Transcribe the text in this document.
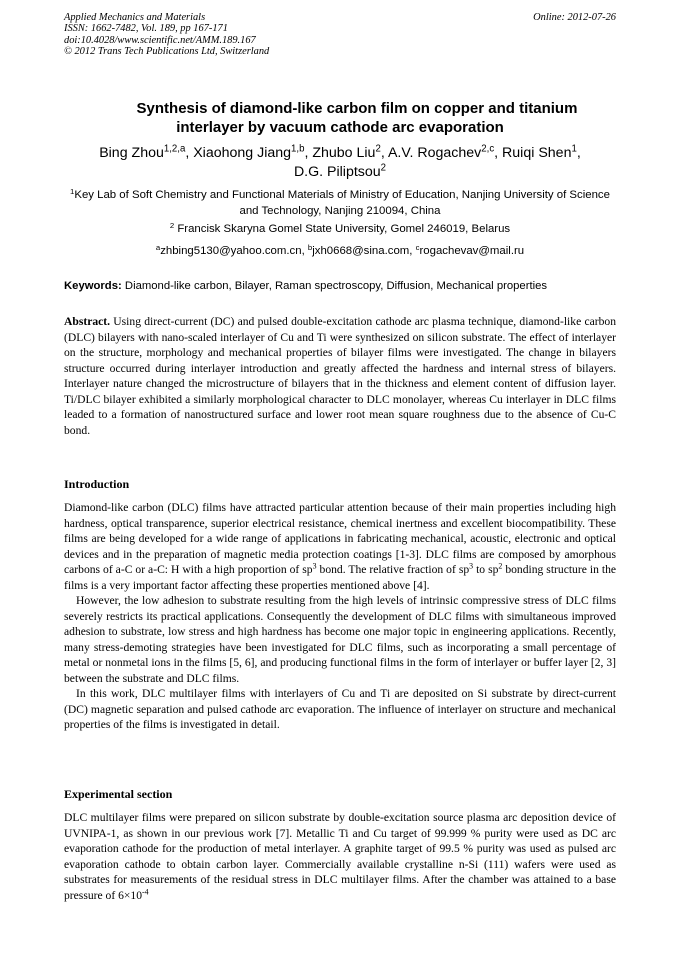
Applied Mechanics and Materials
ISSN: 1662-7482, Vol. 189, pp 167-171
doi:10.4028/www.scientific.net/AMM.189.167
© 2012 Trans Tech Publications Ltd, Switzerland
Online: 2012-07-26
Synthesis of diamond-like carbon film on copper and titanium
interlayer by vacuum cathode arc evaporation
Bing Zhou$^{1,2,a}$, Xiaohong Jiang$^{1,b}$, Zhubo Liu$^2$, A.V. Rogachev$^{2,c}$, Ruiqi Shen$^1$,
D.G. Piliptsou$^2$
$^1$Key Lab of Soft Chemistry and Functional Materials of Ministry of Education, Nanjing University of Science and Technology, Nanjing 210094, China
$^2$ Francisk Skaryna Gomel State University, Gomel 246019, Belarus
$^a$zhbing5130@yahoo.com.cn, $^b$jxh0668@sina.com, $^c$rogachevav@mail.ru
Keywords: Diamond-like carbon, Bilayer, Raman spectroscopy, Diffusion, Mechanical properties
Abstract. Using direct-current (DC) and pulsed double-excitation cathode arc plasma technique, diamond-like carbon (DLC) bilayers with nano-scaled interlayer of Cu and Ti were synthesized on silicon substrate. The effect of interlayer on the structure, morphology and mechanical properties of bilayer films were investigated. The change in bilayers structure occurred during interlayer introduction and greatly affected the hardness and internal stress of bilayers. Interlayer nature changed the microstructure of bilayers that in the thickness and element content of diffusion layer. Ti/DLC bilayer exhibited a similarly morphological character to DLC monolayer, whereas Cu interlayer in DLC films leaded to a formation of nanostructured surface and lower root mean square roughness due to the absence of Cu-C bond.
Introduction

Diamond-like carbon (DLC) films have attracted particular attention because of their main properties including high hardness, optical transparence, superior electrical resistance, chemical inertness and excellent biocompatibility. These films are being developed for a wide range of applications in fabricating mechanical, acoustic, electronic and optical devices and in the preparation of magnetic media protection coatings [1-3]. DLC films are composed by amorphous carbons of a-C or a-C: H with a high proportion of $sp^3$ bond. The relative fraction of $sp^3$ to $sp^2$ bonding structure in the films is a very important factor affecting these properties mentioned above [4].

However, the low adhesion to substrate resulting from the high levels of intrinsic compressive stress of DLC films severely restricts its practical applications. Consequently the development of DLC films with simultaneous improved adhesion to substrate, low stress and high hardness has become one major topic in engineering applications. Recently, many stress-demoting strategies have been investigated for DLC films, such as incorporating a small percentage of metal or nonmetal ions in the films [5, 6], and producing functional films in the form of interlayer or buffer layer [2, 3] between the substrate and DLC films.

In this work, DLC multilayer films with interlayers of Cu and Ti are deposited on Si substrate by direct-current (DC) magnetic separation and pulsed cathode arc evaporation. The influence of interlayer on structure and mechanical properties of the films is investigated in detail.

Experimental section

DLC multilayer films were prepared on silicon substrate by double-excitation source plasma arc deposition device of UVNIPA-1, as shown in our previous work [7]. Metallic Ti and Cu target of 99.999 % purity were used as DC arc evaporation cathode for the production of metal interlayer. A graphite target of 99.5 % purity was used as pulsed arc evaporation cathode to obtain carbon layer. Commercially available crystalline n-Si (111) wafers were used as substrates for measurements of the residual stress in DLC multilayer films. After the chamber was attained to a base pressure of $6\times 10^{-4}$
